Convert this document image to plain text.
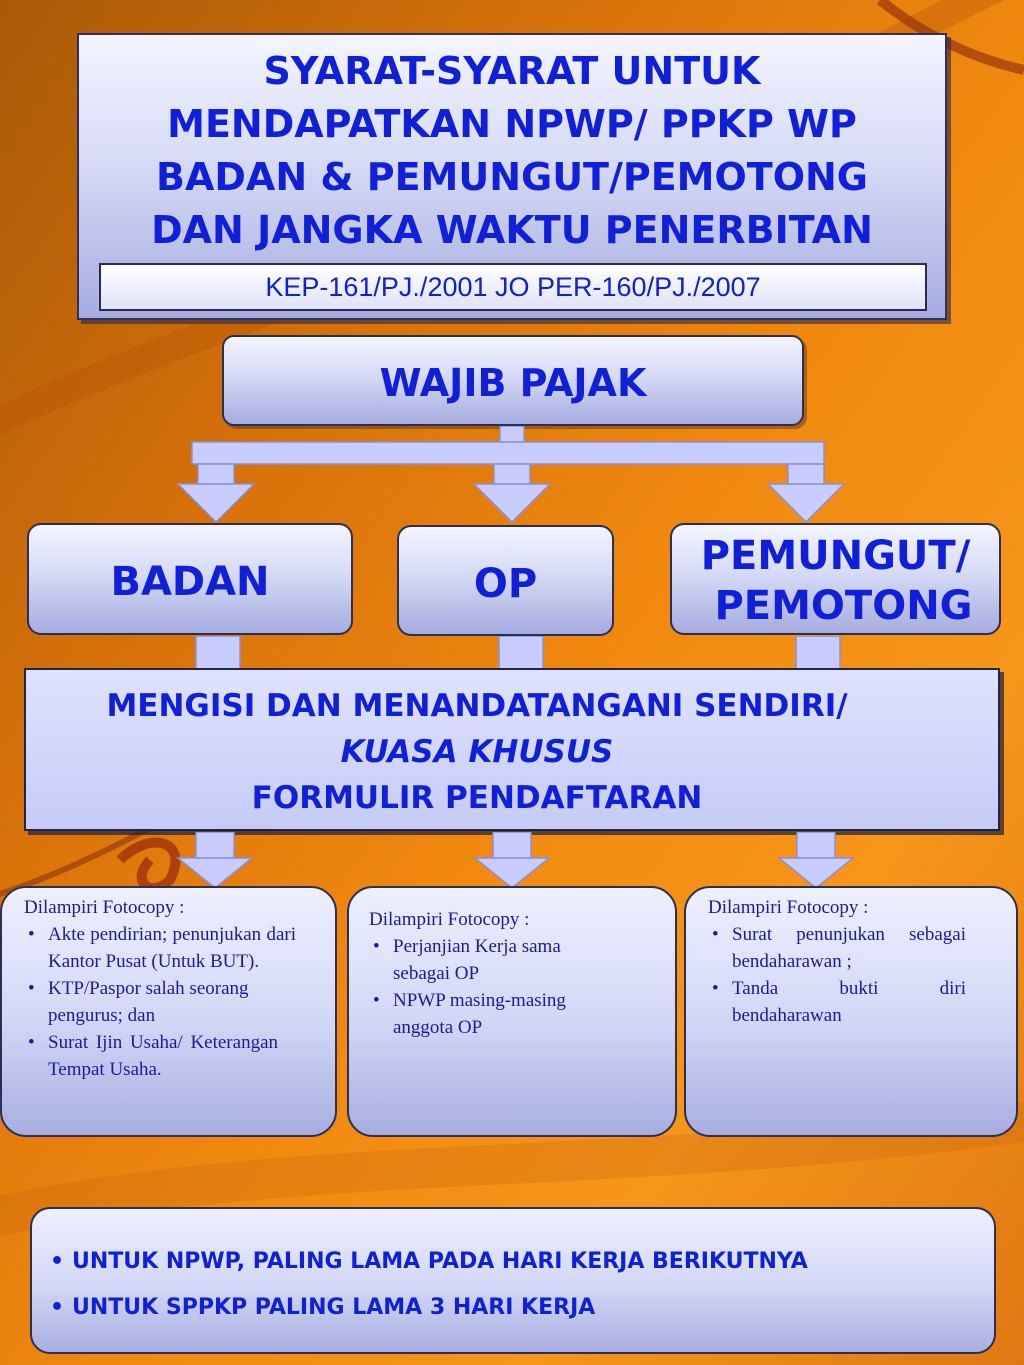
SYARAT-SYARAT UNTUK
MENDAPATKAN NPWP/ PPKP WP
BADAN & PEMUNGUT/PEMOTONG
DAN JANGKA WAKTU PENERBITAN
KEP-161/PJ./2001 JO PER-160/PJ./2007
WAJIB PAJAK
BADAN	OP
PEMUNGUT/
PEMOTONG
MENGISI DAN MENANDATANGANI SENDIRI/
KUASA KHUSUS
FORMULIR PENDAFTARAN
Dilampiri Fotocopy :
• Akte pendirian; penunjukan dari Kantor Pusat (Untuk BUT).
• KTP/Paspor salah seorang pengurus; dan
• Surat Ijin Usaha/ Keterangan Tempat Usaha.
Dilampiri Fotocopy :
• Perjanjian Kerja sama sebagai OP
• NPWP masing-masing anggota OP
Dilampiri Fotocopy :
• Surat penunjukan sebagai bendaharawan ;
• Tanda bukti diri bendaharawan
• UNTUK NPWP, PALING LAMA PADA HARI KERJA BERIKUTNYA
• UNTUK SPPKP PALING LAMA 3 HARI KERJA
